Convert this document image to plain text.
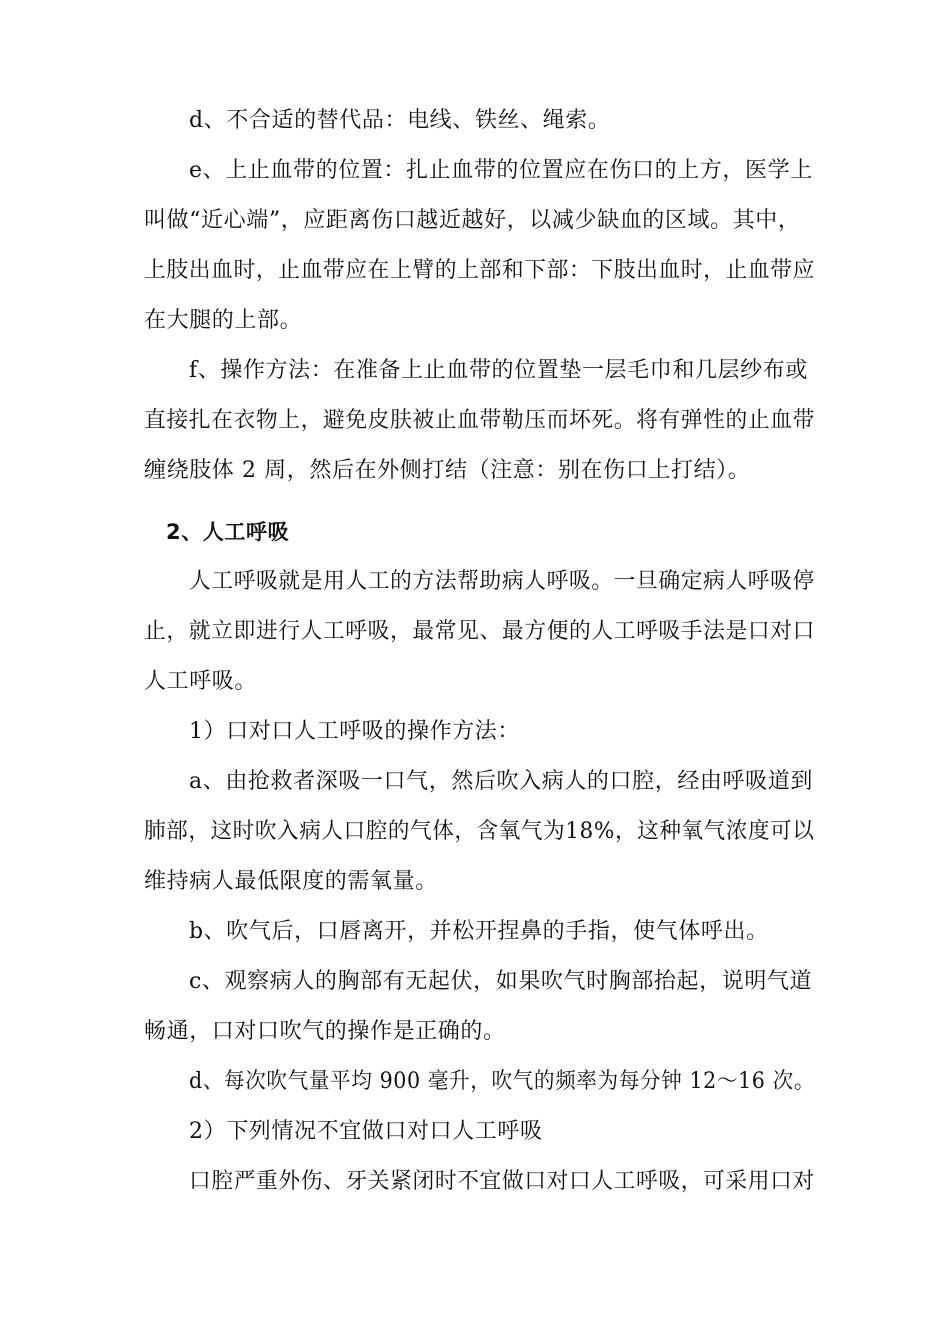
d、不合适的替代品：电线、铁丝、绳索。
e、上止血带的位置：扎止血带的位置应在伤口的上方，医学上
叫做“近心端”，应距离伤口越近越好，以减少缺血的区域。其中，
上肢出血时，止血带应在上臂的上部和下部：下肢出血时，止血带应
在大腿的上部。
f、操作方法：在准备上止血带的位置垫一层毛巾和几层纱布或
直接扎在衣物上，避免皮肤被止血带勒压而坏死。将有弹性的止血带
缠绕肢体 2 周，然后在外侧打结（注意：别在伤口上打结）。
2、人工呼吸
人工呼吸就是用人工的方法帮助病人呼吸。一旦确定病人呼吸停
止，就立即进行人工呼吸，最常见、最方便的人工呼吸手法是口对口
人工呼吸。
1）口对口人工呼吸的操作方法：
a、由抢救者深吸一口气，然后吹入病人的口腔，经由呼吸道到
肺部，这时吹入病人口腔的气体，含氧气为18%，这种氧气浓度可以
维持病人最低限度的需氧量。
b、吹气后，口唇离开，并松开捏鼻的手指，使气体呼出。
c、观察病人的胸部有无起伏，如果吹气时胸部抬起，说明气道
畅通，口对口吹气的操作是正确的。
d、每次吹气量平均 900 毫升，吹气的频率为每分钟 12～16 次。
2）下列情况不宜做口对口人工呼吸
口腔严重外伤、牙关紧闭时不宜做口对口人工呼吸，可采用口对
